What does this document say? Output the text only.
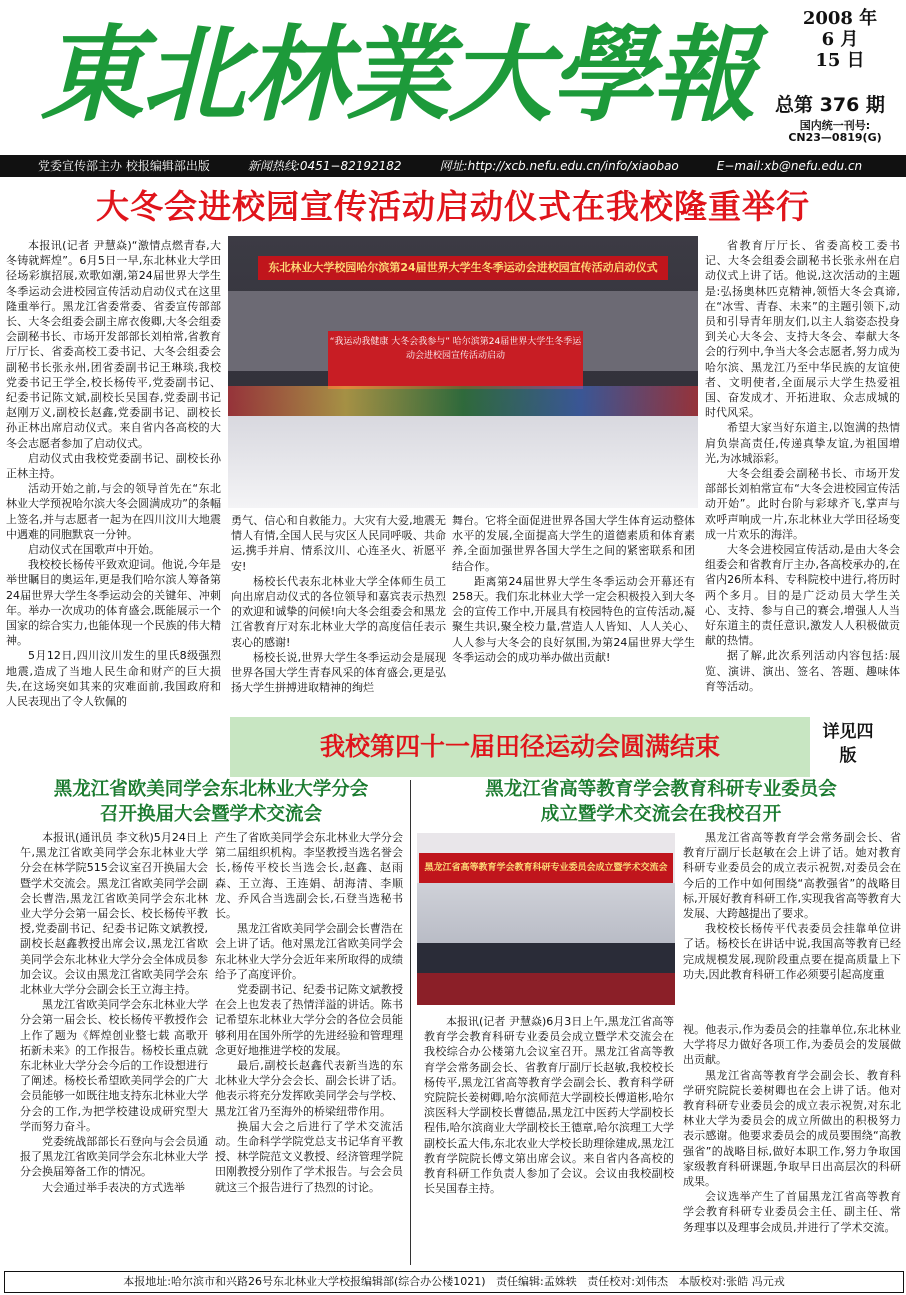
東北林業大學報	2008 年
6 月
15 日
总第 376 期
国内统一刊号:
CN23—0819(G)
党委宣传部主办 校报编辑部出版	新闻热线:0451−82192182	网址:http://xcb.nefu.edu.cn/info/xiaobao	E−mail:xb@nefu.edu.cn
大冬会进校园宣传活动启动仪式在我校隆重举行

本报讯(记者 尹慧焱)“激情点燃青春,大冬铸就辉煌”。6月5日一早,东北林业大学田径场彩旗招展,欢歌如潮,第24届世界大学生冬季运动会进校园宣传活动启动仪式在这里隆重举行。黑龙江省委常委、省委宣传部部长、大冬会组委会副主席衣俊卿,大冬会组委会副秘书长、市场开发部部长刘柏常,省教育厅厅长、省委高校工委书记、大冬会组委会副秘书长张永州,团省委副书记王琳琰,我校党委书记王学全,校长杨传平,党委副书记、纪委书记陈文斌,副校长吴国春,党委副书记赵刚万义,副校长赵鑫,党委副书记、副校长孙正林出席启动仪式。来自省内各高校的大冬会志愿者参加了启动仪式。

启动仪式由我校党委副书记、副校长孙正林主持。

活动开始之前,与会的领导首先在“东北林业大学预祝哈尔滨大冬会圆满成功”的条幅上签名,并与志愿者一起为在四川汶川大地震中遇难的同胞默哀一分钟。

启动仪式在国歌声中开始。

我校校长杨传平致欢迎词。他说,今年是举世瞩目的奥运年,更是我们哈尔滨人筹备第24届世界大学生冬季运动会的关键年、冲刺年。举办一次成功的体育盛会,既能展示一个国家的综合实力,也能体现一个民族的伟大精神。

5月12日,四川汶川发生的里氏8级强烈地震,造成了当地人民生命和财产的巨大损失,在这场突如其来的灾难面前,我国政府和人民表现出了令人钦佩的

东北林业大学校园哈尔滨第24届世界大学生冬季运动会进校园宣传活动启动仪式
“我运动我健康 大冬会我参与” 哈尔滨第24届世界大学生冬季运动会进校园宣传活动启动

勇气、信心和自救能力。大灾有大爱,地震无情人有情,全国人民与灾区人民同呼吸、共命运,携手并肩、情系汶川、心连圣火、祈愿平安!

杨校长代表东北林业大学全体师生员工向出席启动仪式的各位领导和嘉宾表示热烈的欢迎和诚挚的问候!向大冬会组委会和黑龙江省教育厅对东北林业大学的高度信任表示衷心的感谢!

杨校长说,世界大学生冬季运动会是展现世界各国大学生青春风采的体育盛会,更是弘扬大学生拼搏进取精神的绚烂

舞台。它将全面促进世界各国大学生体育运动整体水平的发展,全面提高大学生的道德素质和体育素养,全面加强世界各国大学生之间的紧密联系和团结合作。

距离第24届世界大学生冬季运动会开幕还有258天。我们东北林业大学一定会积极投入到大冬会的宣传工作中,开展具有校园特色的宣传活动,凝聚生共识,聚全校力量,营造人人皆知、人人关心、人人参与大冬会的良好氛围,为第24届世界大学生冬季运动会的成功举办做出贡献!

省教育厅厅长、省委高校工委书记、大冬会组委会副秘书长张永州在启动仪式上讲了话。他说,这次活动的主题是:弘扬奥林匹克精神,领悟大冬会真谛,在“冰雪、青春、未来”的主题引领下,动员和引导青年朋友们,以主人翁姿态投身到关心大冬会、支持大冬会、奉献大冬会的行列中,争当大冬会志愿者,努力成为哈尔滨、黑龙江乃至中华民族的友谊使者、文明使者,全面展示大学生热爱祖国、奋发成才、开拓进取、众志成城的时代风采。

希望大家当好东道主,以饱满的热情肩负崇高责任,传递真挚友谊,为祖国增光,为冰城添彩。

大冬会组委会副秘书长、市场开发部部长刘柏常宣布“大冬会进校园宣传活动开始”。此时台阶与彩球齐飞,掌声与欢呼声响成一片,东北林业大学田径场变成一片欢乐的海洋。

大冬会进校园宣传活动,是由大冬会组委会和省教育厅主办,各高校承办的,在省内26所本科、专科院校中进行,将历时两个多月。目的是广泛动员大学生关心、支持、参与自己的赛会,增强人人当好东道主的责任意识,激发人人积极做贡献的热情。

据了解,此次系列活动内容包括:展览、演讲、演出、签名、答题、趣味体育等活动。

我校第四十一届田径运动会圆满结束	详见四版
黑龙江省欧美同学会东北林业大学分会
召开换届大会暨学术交流会

本报讯(通讯员 李文秋)5月24日上午,黑龙江省欧美同学会东北林业大学分会在林学院515会议室召开换届大会暨学术交流会。黑龙江省欧美同学会副会长曹浩,黑龙江省欧美同学会东北林业大学分会第一届会长、校长杨传平教授,党委副书记、纪委书记陈文斌教授,副校长赵鑫教授出席会议,黑龙江省欧美同学会东北林业大学分会全体成员参加会议。会议由黑龙江省欧美同学会东北林业大学分会副会长王立海主持。

黑龙江省欧美同学会东北林业大学分会第一届会长、校长杨传平教授作会上作了题为《辉煌创业整七载 高歌开拓新未来》的工作报告。杨校长重点就东北林业大学分会今后的工作设想进行了阐述。杨校长希望欧美同学会的广大会员能够一如既往地支持东北林业大学分会的工作,为把学校建设成研究型大学而努力奋斗。

党委统战部部长石登向与会会员通报了黑龙江省欧美同学会东北林业大学分会换届筹备工作的情况。

大会通过举手表决的方式选举

产生了省欧美同学会东北林业大学分会第二届组织机构。李坚教授当选名誉会长,杨传平校长当选会长,赵鑫、赵雨森、王立海、王连娟、胡海清、李顺龙、乔风合当选副会长,石登当选秘书长。

黑龙江省欧美同学会副会长曹浩在会上讲了话。他对黑龙江省欧美同学会东北林业大学分会近年来所取得的成绩给予了高度评价。

党委副书记、纪委书记陈文斌教授在会上也发表了热情洋溢的讲话。陈书记希望东北林业大学分会的各位会员能够利用在国外所学的先进经验和管理理念更好地推进学校的发展。

最后,副校长赵鑫代表新当选的东北林业大学分会会长、副会长讲了话。他表示将充分发挥欧美同学会与学校、黑龙江省乃至海外的桥梁纽带作用。

换届大会之后进行了学术交流活动。生命科学学院党总支书记华育平教授、林学院范文义教授、经济管理学院田刚教授分别作了学术报告。与会会员就这三个报告进行了热烈的讨论。

黑龙江省高等教育学会教育科研专业委员会
成立暨学术交流会在我校召开
黑龙江省高等教育学会教育科研专业委员会成立暨学术交流会

黑龙江省高等教育学会常务副会长、省教育厅副厅长赵敏在会上讲了话。她对教育科研专业委员会的成立表示祝贺,对委员会在今后的工作中如何围绕“高教强省”的战略目标,开展好教育科研工作,实现我省高等教育大发展、大跨越提出了要求。

我校校长杨传平代表委员会挂靠单位讲了话。杨校长在讲话中说,我国高等教育已经完成规模发展,现阶段重点要在提高质量上下功夫,因此教育科研工作必须要引起高度重

本报讯(记者 尹慧焱)6月3日上午,黑龙江省高等教育学会教育科研专业委员会成立暨学术交流会在我校综合办公楼第九会议室召开。黑龙江省高等教育学会常务副会长、省教育厅副厅长赵敏,我校校长杨传平,黑龙江省高等教育学会副会长、教育科学研究院院长姜树卿,哈尔滨师范大学副校长傅道彬,哈尔滨医科大学副校长曹德品,黑龙江中医药大学副校长程伟,哈尔滨商业大学副校长王德章,哈尔滨理工大学副校长孟大伟,东北农业大学校长助理徐建成,黑龙江教育学院院长傅文第出席会议。来自省内各高校的教育科研工作负责人参加了会议。会议由我校副校长吴国春主持。

视。他表示,作为委员会的挂靠单位,东北林业大学将尽力做好各项工作,为委员会的发展做出贡献。

黑龙江省高等教育学会副会长、教育科学研究院院长姜树卿也在会上讲了话。他对教育科研专业委员会的成立表示祝贺,对东北林业大学为委员会的成立所做出的积极努力表示感谢。他要求委员会的成员要围绕“高教强省”的战略目标,做好本职工作,努力争取国家级教育科研课题,争取早日出高层次的科研成果。

会议选举产生了首届黑龙江省高等教育学会教育科研专业委员会主任、副主任、常务理事以及理事会成员,并进行了学术交流。

本报地址:哈尔滨市和兴路26号东北林业大学校报编辑部(综合办公楼1021) 责任编辑:孟姝轶 责任校对:刘伟杰 本版校对:张皓 冯元戎
